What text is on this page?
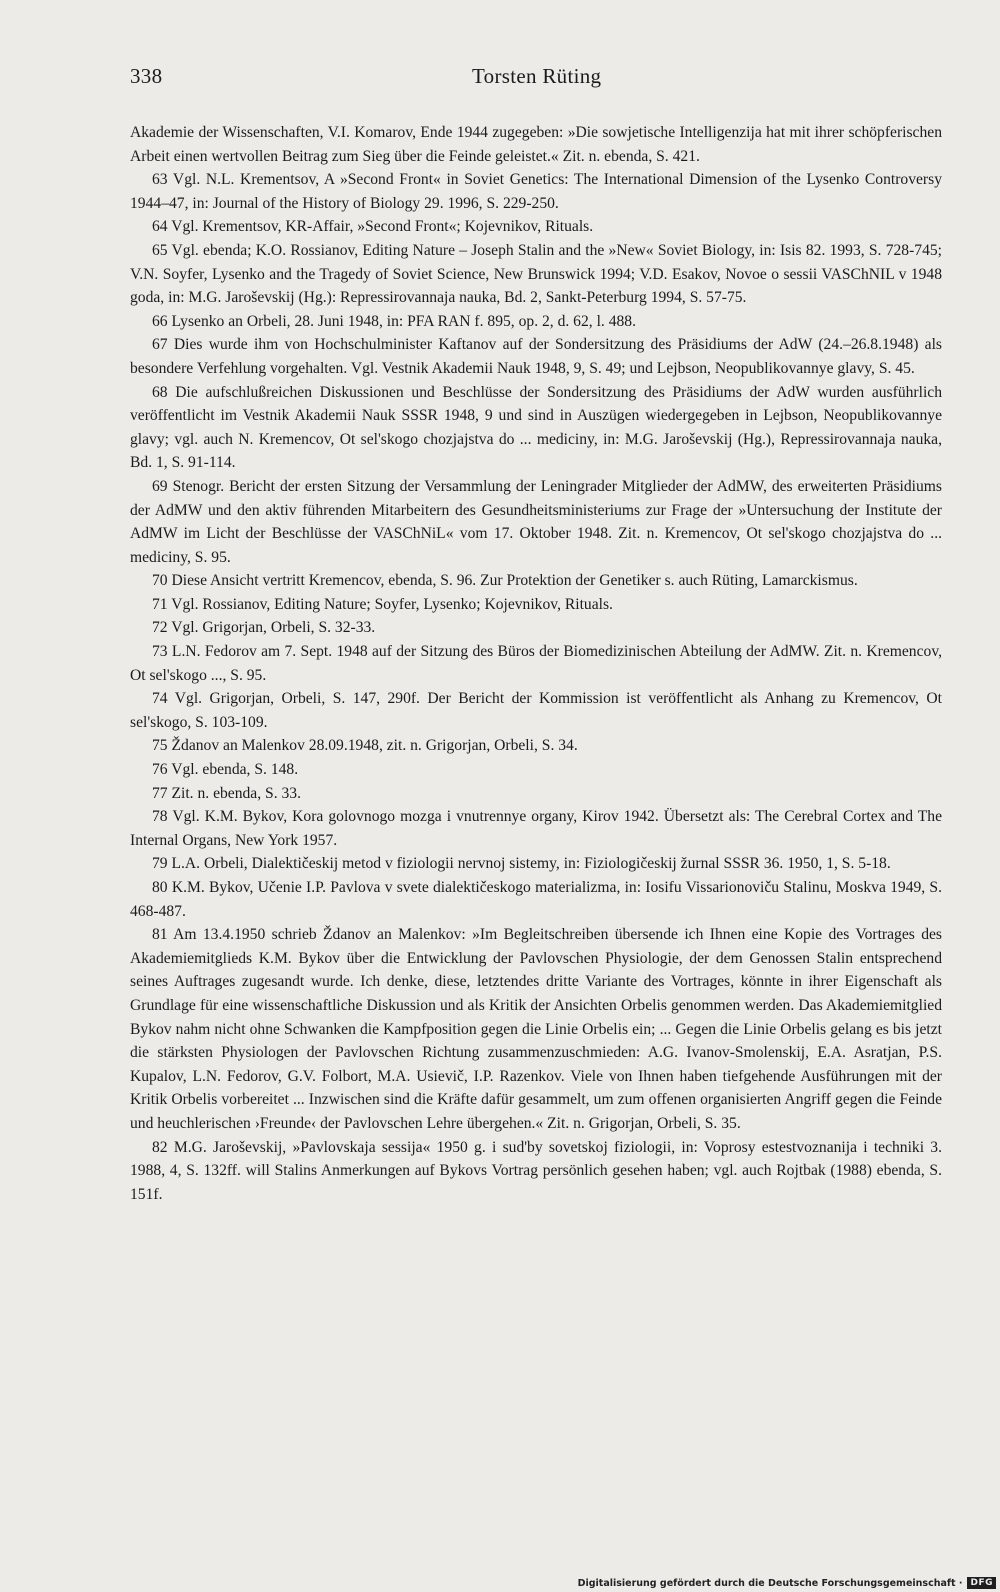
338	Torsten Rüting

Akademie der Wissenschaften, V.I. Komarov, Ende 1944 zugegeben: »Die sowjetische Intelligenzija hat mit ihrer schöpferischen Arbeit einen wertvollen Beitrag zum Sieg über die Feinde geleistet.« Zit. n. ebenda, S. 421.

63 Vgl. N.L. Krementsov, A »Second Front« in Soviet Genetics: The International Dimension of the Lysenko Controversy 1944–47, in: Journal of the History of Biology 29. 1996, S. 229-250.

64 Vgl. Krementsov, KR-Affair, »Second Front«; Kojevnikov, Rituals.

65 Vgl. ebenda; K.O. Rossianov, Editing Nature – Joseph Stalin and the »New« Soviet Biology, in: Isis 82. 1993, S. 728-745; V.N. Soyfer, Lysenko and the Tragedy of Soviet Science, New Brunswick 1994; V.D. Esakov, Novoe o sessii VASChNIL v 1948 goda, in: M.G. Jaroševskij (Hg.): Repressirovannaja nauka, Bd. 2, Sankt-Peterburg 1994, S. 57-75.

66 Lysenko an Orbeli, 28. Juni 1948, in: PFA RAN f. 895, op. 2, d. 62, l. 488.

67 Dies wurde ihm von Hochschulminister Kaftanov auf der Sondersitzung des Präsidiums der AdW (24.–26.8.1948) als besondere Verfehlung vorgehalten. Vgl. Vestnik Akademii Nauk 1948, 9, S. 49; und Lejbson, Neopublikovannye glavy, S. 45.

68 Die aufschlußreichen Diskussionen und Beschlüsse der Sondersitzung des Präsidiums der AdW wurden ausführlich veröffentlicht im Vestnik Akademii Nauk SSSR 1948, 9 und sind in Auszügen wiedergegeben in Lejbson, Neopublikovannye glavy; vgl. auch N. Kremencov, Ot sel'skogo chozjajstva do ... mediciny, in: M.G. Jaroševskij (Hg.), Repressirovannaja nauka, Bd. 1, S. 91-114.

69 Stenogr. Bericht der ersten Sitzung der Versammlung der Leningrader Mitglieder der AdMW, des erweiterten Präsidiums der AdMW und den aktiv führenden Mitarbeitern des Gesundheitsministeriums zur Frage der »Untersuchung der Institute der AdMW im Licht der Beschlüsse der VASChNiL« vom 17. Oktober 1948. Zit. n. Kremencov, Ot sel'skogo chozjajstva do ... mediciny, S. 95.

70 Diese Ansicht vertritt Kremencov, ebenda, S. 96. Zur Protektion der Genetiker s. auch Rüting, Lamarckismus.

71 Vgl. Rossianov, Editing Nature; Soyfer, Lysenko; Kojevnikov, Rituals.

72 Vgl. Grigorjan, Orbeli, S. 32-33.

73 L.N. Fedorov am 7. Sept. 1948 auf der Sitzung des Büros der Biomedizinischen Abteilung der AdMW. Zit. n. Kremencov, Ot sel'skogo ..., S. 95.

74 Vgl. Grigorjan, Orbeli, S. 147, 290f. Der Bericht der Kommission ist veröffentlicht als Anhang zu Kremencov, Ot sel'skogo, S. 103-109.

75 Ždanov an Malenkov 28.09.1948, zit. n. Grigorjan, Orbeli, S. 34.

76 Vgl. ebenda, S. 148.

77 Zit. n. ebenda, S. 33.

78 Vgl. K.M. Bykov, Kora golovnogo mozga i vnutrennye organy, Kirov 1942. Übersetzt als: The Cerebral Cortex and The Internal Organs, New York 1957.

79 L.A. Orbeli, Dialektičeskij metod v fiziologii nervnoj sistemy, in: Fiziologičeskij žurnal SSSR 36. 1950, 1, S. 5-18.

80 K.M. Bykov, Učenie I.P. Pavlova v svete dialektičeskogo materializma, in: Iosifu Vissarionoviču Stalinu, Moskva 1949, S. 468-487.

81 Am 13.4.1950 schrieb Ždanov an Malenkov: »Im Begleitschreiben übersende ich Ihnen eine Kopie des Vortrages des Akademiemitglieds K.M. Bykov über die Entwicklung der Pavlovschen Physiologie, der dem Genossen Stalin entsprechend seines Auftrages zugesandt wurde. Ich denke, diese, letztendes dritte Variante des Vortrages, könnte in ihrer Eigenschaft als Grundlage für eine wissenschaftliche Diskussion und als Kritik der Ansichten Orbelis genommen werden. Das Akademiemitglied Bykov nahm nicht ohne Schwanken die Kampfposition gegen die Linie Orbelis ein; ... Gegen die Linie Orbelis gelang es bis jetzt die stärksten Physiologen der Pavlovschen Richtung zusammenzuschmieden: A.G. Ivanov-Smolenskij, E.A. Asratjan, P.S. Kupalov, L.N. Fedorov, G.V. Folbort, M.A. Usievič, I.P. Razenkov. Viele von Ihnen haben tiefgehende Ausführungen mit der Kritik Orbelis vorbereitet ... Inzwischen sind die Kräfte dafür gesammelt, um zum offenen organisierten Angriff gegen die Feinde und heuchlerischen ›Freunde‹ der Pavlovschen Lehre übergehen.« Zit. n. Grigorjan, Orbeli, S. 35.

82 M.G. Jaroševskij, »Pavlovskaja sessija« 1950 g. i sud'by sovetskoj fiziologii, in: Voprosy estestvoznanija i techniki 3. 1988, 4, S. 132ff. will Stalins Anmerkungen auf Bykovs Vortrag persönlich gesehen haben; vgl. auch Rojtbak (1988) ebenda, S. 151f.

Digitalisierung gefördert durch die Deutsche Forschungsgemeinschaft · DFG
